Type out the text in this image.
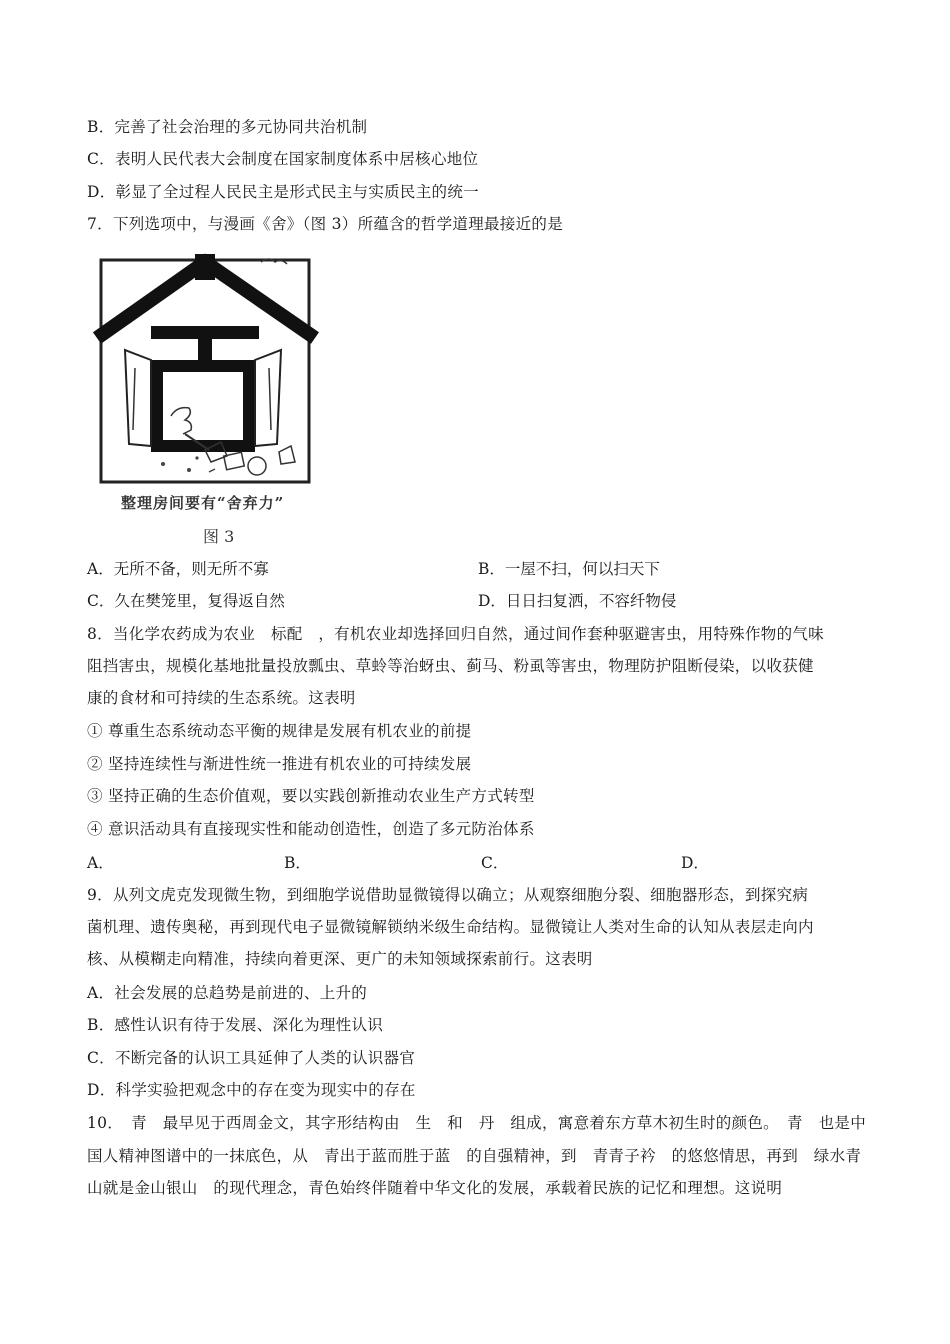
B．完善了社会治理的多元协同共治机制
C．表明人民代表大会制度在国家制度体系中居核心地位
D．彰显了全过程人民民主是形式民主与实质民主的统一
7．下列选项中，与漫画《舍》（图 3）所蕴含的哲学道理最接近的是
整理房间要有“舍弃力”
图 3
A．无所不备，则无所不寡	B．一屋不扫，何以扫天下
C．久在樊笼里，复得返自然	D．日日扫复洒，不容纤物侵
8．当化学农药成为农业　标配　，有机农业却选择回归自然，通过间作套种驱避害虫，用特殊作物的气味
阻挡害虫，规模化基地批量投放瓢虫、草蛉等治蚜虫、蓟马、粉虱等害虫，物理防护阻断侵染，以收获健
康的食材和可持续的生态系统。这表明
① 尊重生态系统动态平衡的规律是发展有机农业的前提
② 坚持连续性与渐进性统一推进有机农业的可持续发展
③ 坚持正确的生态价值观，要以实践创新推动农业生产方式转型
④ 意识活动具有直接现实性和能动创造性，创造了多元防治体系
A．	B．	C．	D．
9．从列文虎克发现微生物，到细胞学说借助显微镜得以确立；从观察细胞分裂、细胞器形态，到探究病
菌机理、遗传奥秘，再到现代电子显微镜解锁纳米级生命结构。显微镜让人类对生命的认知从表层走向内
核、从模糊走向精准，持续向着更深、更广的未知领域探索前行。这表明
A．社会发展的总趋势是前进的、上升的
B．感性认识有待于发展、深化为理性认识
C．不断完备的认识工具延伸了人类的认识器官
D．科学实验把观念中的存在变为现实中的存在
10．　青　最早见于西周金文，其字形结构由　生　和　丹　组成，寓意着东方草木初生时的颜色。　青　也是中
国人精神图谱中的一抹底色，从　青出于蓝而胜于蓝　的自强精神，到　青青子衿　的悠悠情思，再到　绿水青
山就是金山银山　的现代理念，青色始终伴随着中华文化的发展，承载着民族的记忆和理想。这说明
